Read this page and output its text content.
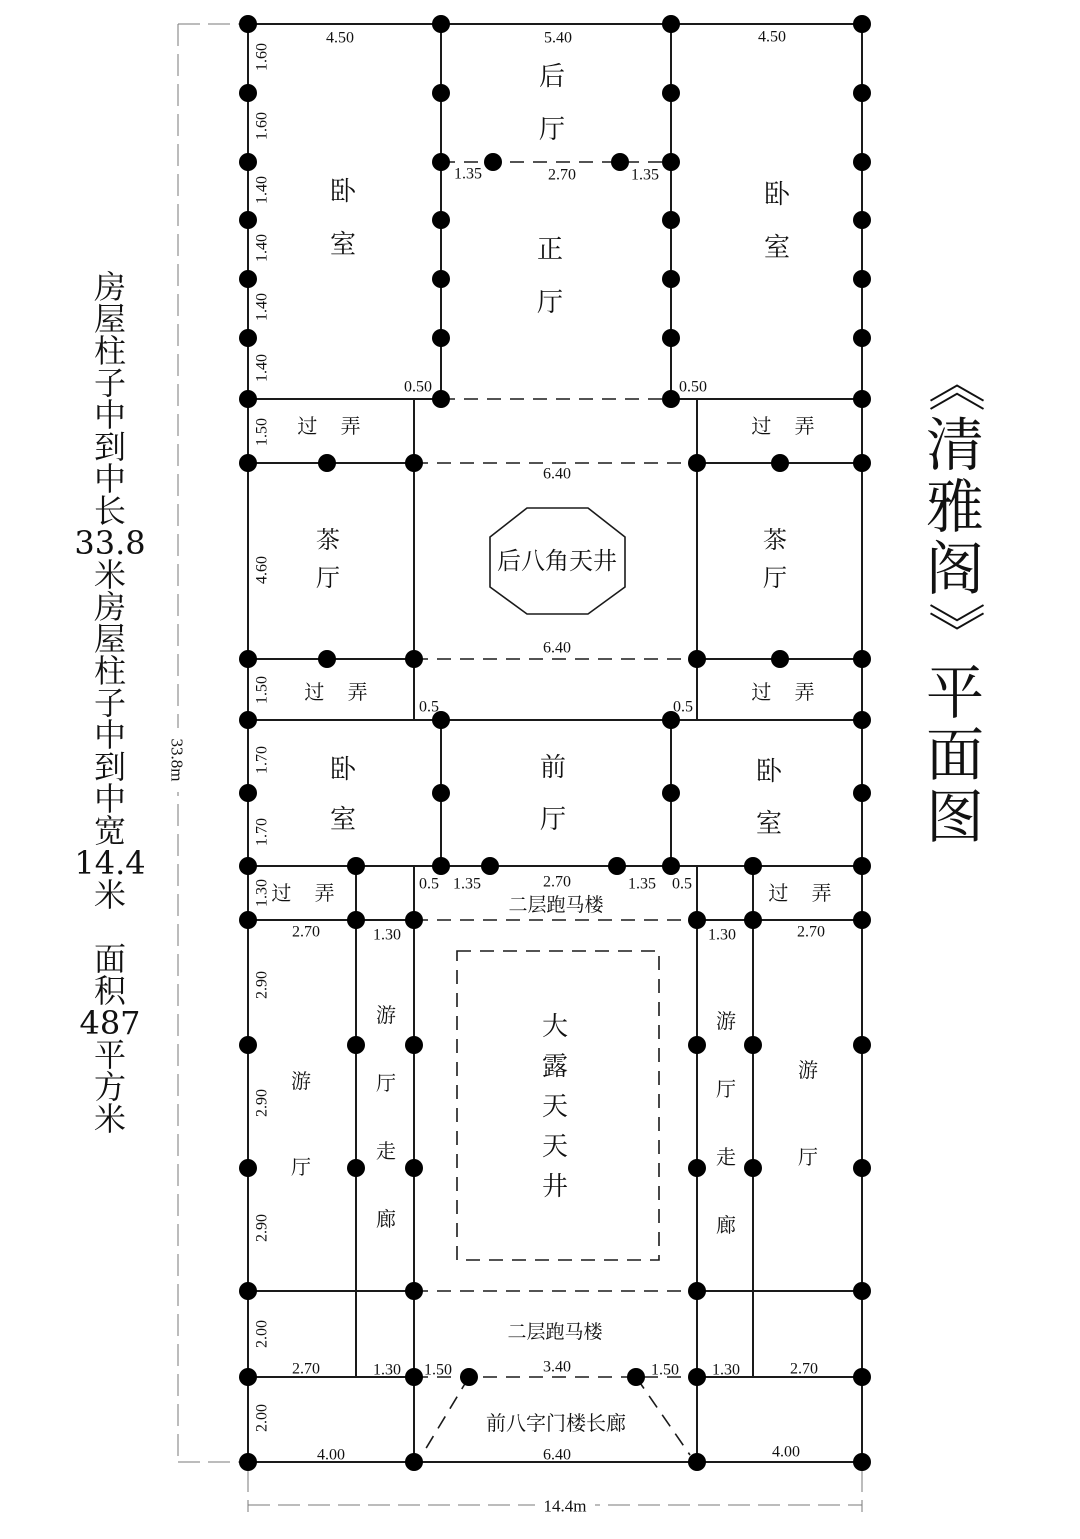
33.8m
14.4m
卧
室
后
厅
正
厅
卧
室
过 弄	过 弄
茶
厅
后八角天井
茶
厅
过 弄	过 弄
卧
室
前
厅
卧
室
过 弄	二层跑马楼	过 弄
游
厅
游
厅
走
廊
大
露
天
天
井
游
厅
走
廊
游
厅
二层跑马楼
前八字门楼长廊
4.50	5.40	4.50
1.60
1.60
1.40
1.40
1.40
1.40
1.50
4.60
1.50
1.70
1.70
1.30
2.90
2.90
2.90
2.00
2.00
1.35	2.70	1.35
0.50	0.50
6.40
6.40
0.5	0.5
0.5 1.35	2.70	1.35 0.5
2.70	1.30	1.30	2.70
2.70	1.30 1.50	3.40	1.50 1.30	2.70
4.00	6.40	4.00
房
屋
柱
子
中
到
中
长
33.8
米
房
屋
柱
子
中
到
中
宽
14.4
米
面
积
487
平
方
米
《
清
雅
阁
》
平
面
图
